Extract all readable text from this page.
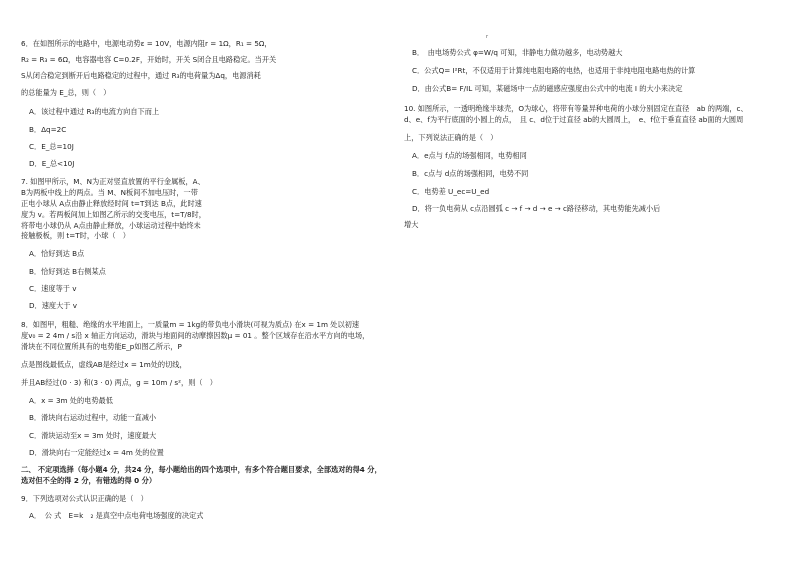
6．在如图所示的电路中，电源电动势ε = 10V，电源内阻r = 1Ω，R₁ = 5Ω，
R₂ = R₃ = 6Ω，电容器电容 C=0.2F，开始时，开关 S闭合且电路稳定。当开关
S从闭合稳定到断开后电路稳定的过程中，通过 R₃的电荷量为Δq，电源消耗
的总能量为 E_总，则（　）
A．该过程中通过 R₃的电流方向自下而上
B．Δq=2C
C．E_总=10J
D．E_总<10J
7. 如图甲所示，M、N为正对竖直放置的平行金属板，A、
B为两板中线上的两点。当 M、N板间不加电压时，一带
正电小球从 A点由静止释放经时间 t=T到达 B点，此时速
度为 v。若两板间加上如图乙所示的交变电压，t=T/8时，
将带电小球仍从 A点由静止释放，小球运动过程中始终未
接触极板，则 t=T时，小球（　）
A．恰好到达 B点
B．恰好到达 B右侧某点
C．速度等于 v
D．速度大于 v
8．如图甲，粗糙、绝缘的水平地面上，一质量m = 1kg的带负电小滑块(可视为质点) 在x = 1m 处以初速
度v₀ = 2 4m / s沿 x 轴正方向运动，滑块与地面间的动摩擦因数μ = 01 。整个区域存在沿水平方向的电场，
滑块在不同位置所具有的电势能E_p如图乙所示，P
点是图线最低点，虚线AB是经过x = 1m处的切线，
并且AB经过(0 · 3) 和(3 · 0) 两点，g = 10m / s²，则（　）
A．x = 3m 处的电势最低
B．滑块向右运动过程中，动能一直减小
C．滑块运动至x = 3m 处时，速度最大
D．滑块向右一定能经过x = 4m 处的位置
二、 不定项选择（每小题4 分，共24 分，每小题给出的四个选项中，有多个符合题目要求，全部选对的得4 分，
选对但不全的得 2 分，有错选的得 0 分）
9．下列选项对公式认识正确的是（　）
A．　公 式　E=k　₂ 是真空中点电荷电场强度的决定式
r
B．　由电场势公式 φ=W/q 可知，非静电力做功越多，电动势越大
C．公式Q= I²Rt，不仅适用于计算纯电阻电路的电热，也适用于非纯电阻电路电热的计算
D．由公式B= F/IL 可知，某磁场中一点的磁感应强度由公式中的电流 I 的大小来决定
10. 如图所示，一透明绝缘半球壳，O为球心，将带有等量异种电荷的小球分别固定在直径　ab 的两端，c、
d、e、f为平行底面的小圆上的点，　且 c、d位于过直径 ab的大圆周上，　e、f位于垂直直径 ab面的大圆周
上，下列说法正确的是（　）
A．e点与 f点的场强相同，电势相同
B．c点与 d点的场强相同，电势不同
C．电势差 U_ec=U_ed
D．将一负电荷从 c点沿圆弧 c → f → d → e → c路径移动，其电势能先减小后
增大
